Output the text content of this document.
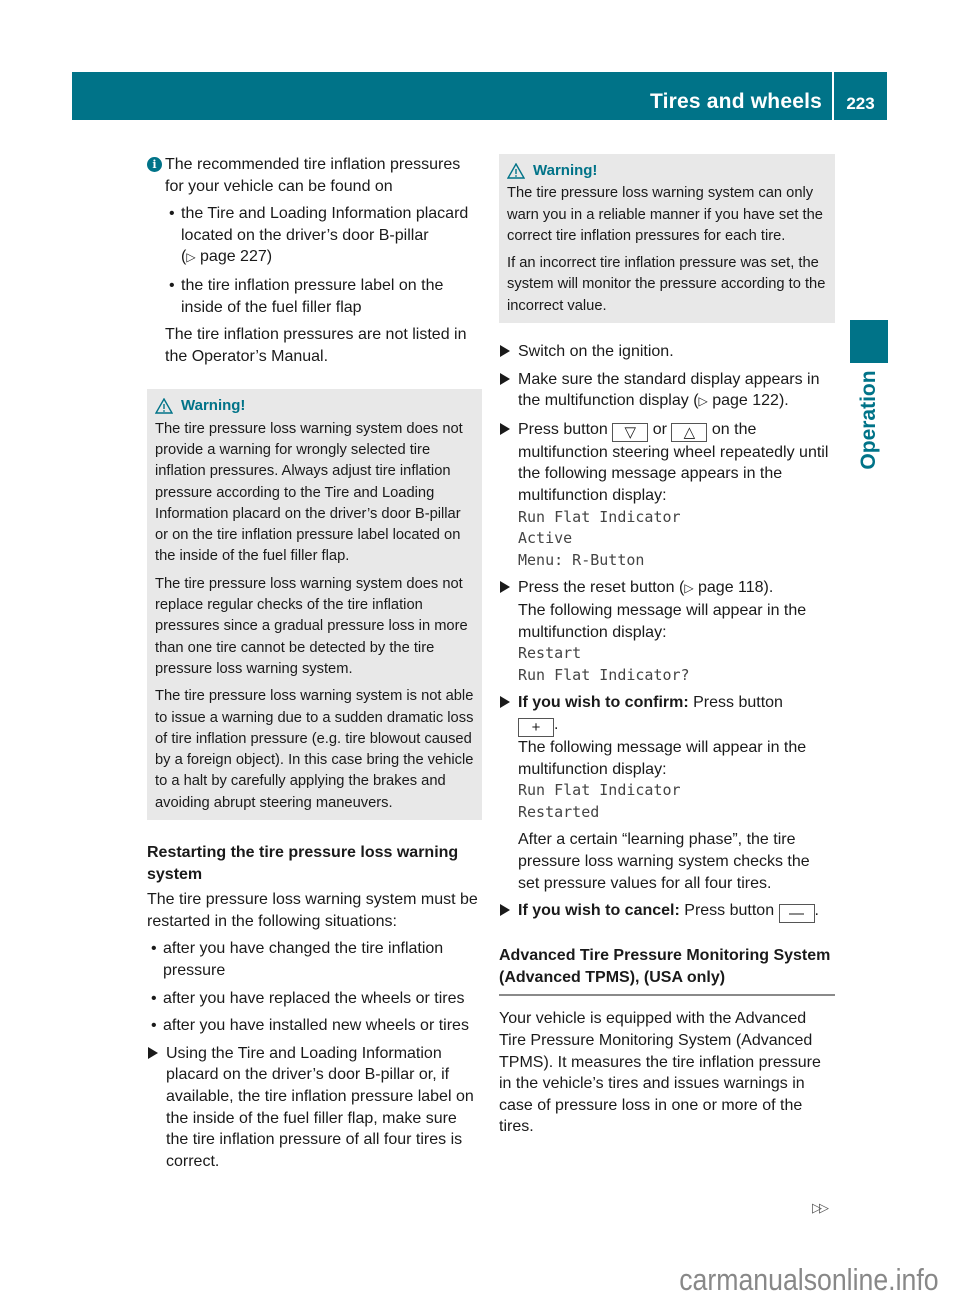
Tires and wheels	223
Operation
i The recommended tire inflation pressures for your vehicle can be found on

• the Tire and Loading Information placard located on the driver’s door B-pillar
(▷ page 227)
• the tire inflation pressure label on the inside of the fuel filler flap

The tire inflation pressures are not listed in the Operator’s Manual.

Warning!

The tire pressure loss warning system does not provide a warning for wrongly selected tire inflation pressures. Always adjust tire inflation pressure according to the Tire and Loading Information placard on the driver’s door B-pillar or on the tire inflation pressure label located on the inside of the fuel filler flap.

The tire pressure loss warning system does not replace regular checks of the tire inflation pressures since a gradual pressure loss in more than one tire cannot be detected by the tire pressure loss warning system.

The tire pressure loss warning system is not able to issue a warning due to a sudden dramatic loss of tire inflation pressure (e.g. tire blowout caused by a foreign object). In this case bring the vehicle to a halt by carefully applying the brakes and avoiding abrupt steering maneuvers.

Restarting the tire pressure loss warning system

The tire pressure loss warning system must be restarted in the following situations:

• after you have changed the tire inflation pressure
• after you have replaced the wheels or tires
• after you have installed new wheels or tires
Using the Tire and Loading Information placard on the driver’s door B-pillar or, if available, the tire inflation pressure label on the inside of the fuel filler flap, make sure the tire inflation pressure of all four tires is correct.
Warning!

The tire pressure loss warning system can only warn you in a reliable manner if you have set the correct tire inflation pressures for each tire.

If an incorrect tire inflation pressure was set, the system will monitor the pressure according to the incorrect value.

Switch on the ignition.
Make sure the standard display appears in the multifunction display (▷ page 122).
Press button ▽ or △ on the multifunction steering wheel repeatedly until the following message appears in the multifunction display:
Run Flat Indicator
Active
Menu: R-Button
Press the reset button (▷ page 118).
The following message will appear in the multifunction display:
Restart
Run Flat Indicator?
If you wish to confirm: Press button
+ .
The following message will appear in the multifunction display:
Run Flat Indicator
Restarted

After a certain “learning phase”, the tire pressure loss warning system checks the set pressure values for all four tires.

If you wish to cancel: Press button — .
Advanced Tire Pressure Monitoring System (Advanced TPMS), (USA only)

Your vehicle is equipped with the Advanced Tire Pressure Monitoring System (Advanced TPMS). It measures the tire inflation pressure in the vehicle’s tires and issues warnings in case of pressure loss in one or more of the tires.

▷▷
carmanualsonline.info
